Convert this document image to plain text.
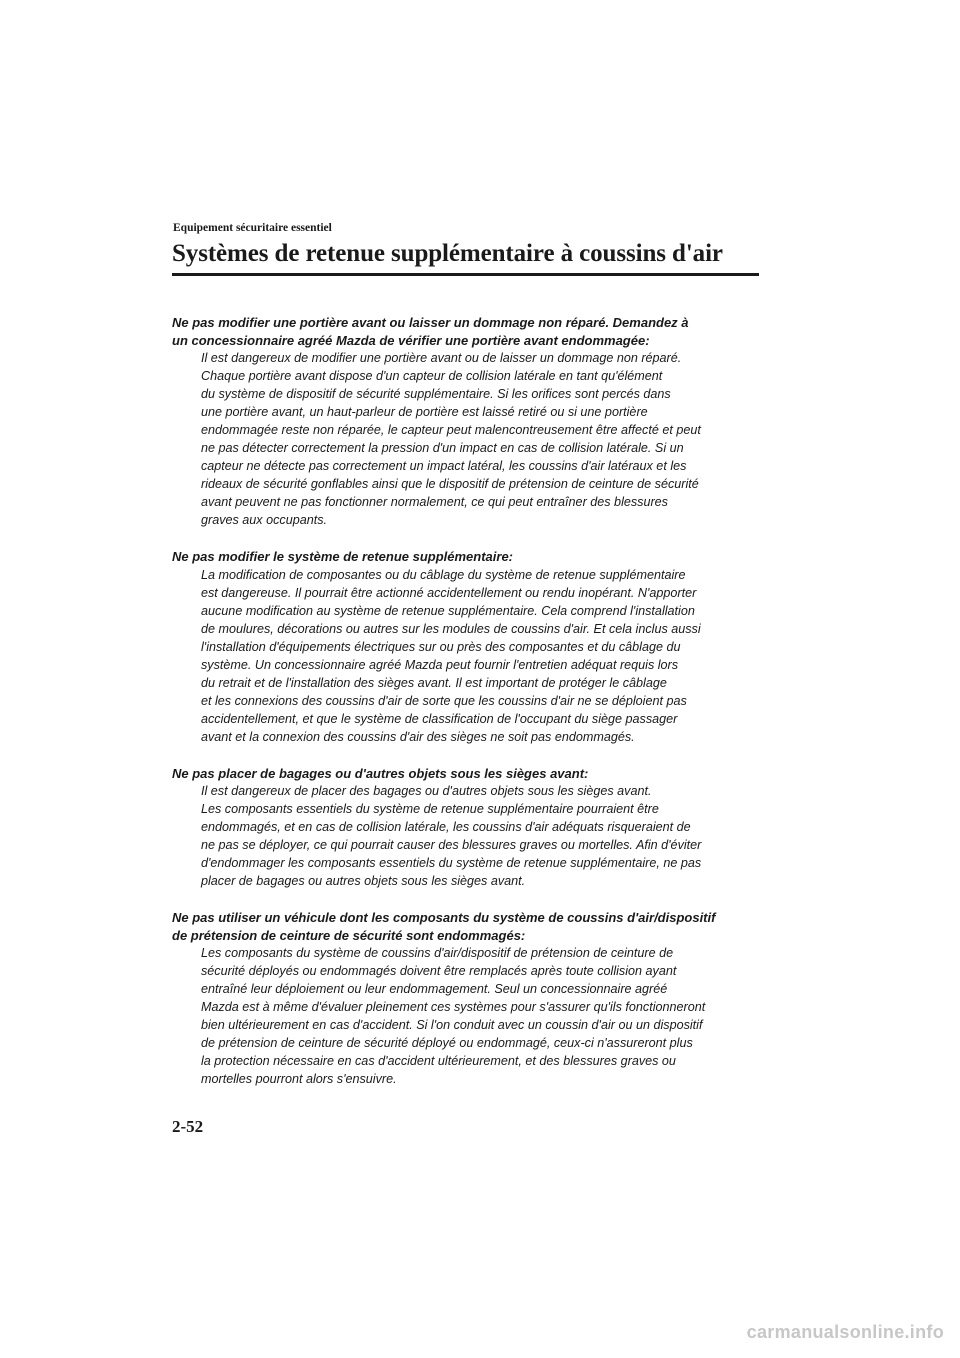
Equipement sécuritaire essentiel
Systèmes de retenue supplémentaire à coussins d'air
Ne pas modifier une portière avant ou laisser un dommage non réparé. Demandez à
un concessionnaire agréé Mazda de vérifier une portière avant endommagée:
Il est dangereux de modifier une portière avant ou de laisser un dommage non réparé.
Chaque portière avant dispose d'un capteur de collision latérale en tant qu'élément
du système de dispositif de sécurité supplémentaire. Si les orifices sont percés dans
une portière avant, un haut-parleur de portière est laissé retiré ou si une portière
endommagée reste non réparée, le capteur peut malencontreusement être affecté et peut
ne pas détecter correctement la pression d'un impact en cas de collision latérale. Si un
capteur ne détecte pas correctement un impact latéral, les coussins d'air latéraux et les
rideaux de sécurité gonflables ainsi que le dispositif de prétension de ceinture de sécurité
avant peuvent ne pas fonctionner normalement, ce qui peut entraîner des blessures
graves aux occupants.
Ne pas modifier le système de retenue supplémentaire:
La modification de composantes ou du câblage du système de retenue supplémentaire
est dangereuse. Il pourrait être actionné accidentellement ou rendu inopérant. N'apporter
aucune modification au système de retenue supplémentaire. Cela comprend l'installation
de moulures, décorations ou autres sur les modules de coussins d'air. Et cela inclus aussi
l'installation d'équipements électriques sur ou près des composantes et du câblage du
système. Un concessionnaire agréé Mazda peut fournir l'entretien adéquat requis lors
du retrait et de l'installation des sièges avant. Il est important de protéger le câblage
et les connexions des coussins d'air de sorte que les coussins d'air ne se déploient pas
accidentellement, et que le système de classification de l'occupant du siège passager
avant et la connexion des coussins d'air des sièges ne soit pas endommagés.
Ne pas placer de bagages ou d'autres objets sous les sièges avant:
Il est dangereux de placer des bagages ou d'autres objets sous les sièges avant.
Les composants essentiels du système de retenue supplémentaire pourraient être
endommagés, et en cas de collision latérale, les coussins d'air adéquats risqueraient de
ne pas se déployer, ce qui pourrait causer des blessures graves ou mortelles. Afin d'éviter
d'endommager les composants essentiels du système de retenue supplémentaire, ne pas
placer de bagages ou autres objets sous les sièges avant.
Ne pas utiliser un véhicule dont les composants du système de coussins d'air/dispositif
de prétension de ceinture de sécurité sont endommagés:
Les composants du système de coussins d'air/dispositif de prétension de ceinture de
sécurité déployés ou endommagés doivent être remplacés après toute collision ayant
entraîné leur déploiement ou leur endommagement. Seul un concessionnaire agréé
Mazda est à même d'évaluer pleinement ces systèmes pour s'assurer qu'ils fonctionneront
bien ultérieurement en cas d'accident. Si l'on conduit avec un coussin d'air ou un dispositif
de prétension de ceinture de sécurité déployé ou endommagé, ceux-ci n'assureront plus
la protection nécessaire en cas d'accident ultérieurement, et des blessures graves ou
mortelles pourront alors s'ensuivre.
2-52
carmanualsonline.info
